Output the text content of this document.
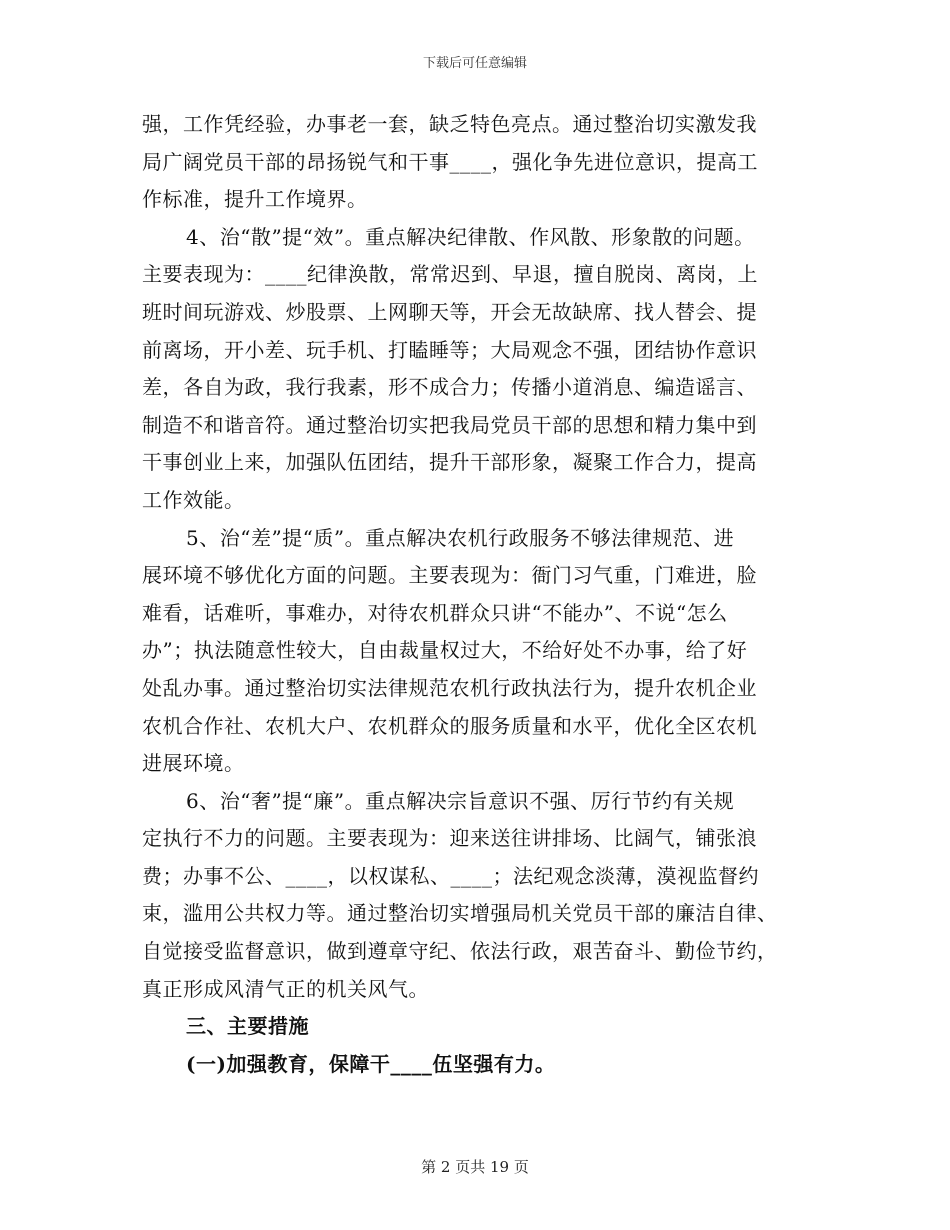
下载后可任意编辑
强，工作凭经验，办事老一套，缺乏特色亮点。通过整治切实激发我
局广阔党员干部的昂扬锐气和干事____，强化争先进位意识，提高工
作标准，提升工作境界。
4、治“散”提“效”。重点解决纪律散、作风散、形象散的问题。
主要表现为：____纪律涣散，常常迟到、早退，擅自脱岗、离岗，上
班时间玩游戏、炒股票、上网聊天等，开会无故缺席、找人替会、提
前离场，开小差、玩手机、打瞌睡等；大局观念不强，团结协作意识
差，各自为政，我行我素，形不成合力；传播小道消息、编造谣言、
制造不和谐音符。通过整治切实把我局党员干部的思想和精力集中到
干事创业上来，加强队伍团结，提升干部形象，凝聚工作合力，提高
工作效能。
5、治“差”提“质”。重点解决农机行政服务不够法律规范、进
展环境不够优化方面的问题。主要表现为：衙门习气重，门难进，脸
难看，话难听，事难办，对待农机群众只讲“不能办”、不说“怎么
办”；执法随意性较大，自由裁量权过大，不给好处不办事，给了好
处乱办事。通过整治切实法律规范农机行政执法行为，提升农机企业
农机合作社、农机大户、农机群众的服务质量和水平，优化全区农机
进展环境。
6、治“奢”提“廉”。重点解决宗旨意识不强、厉行节约有关规
定执行不力的问题。主要表现为：迎来送往讲排场、比阔气，铺张浪
费；办事不公、____，以权谋私、____；法纪观念淡薄，漠视监督约
束，滥用公共权力等。通过整治切实增强局机关党员干部的廉洁自律、
自觉接受监督意识，做到遵章守纪、依法行政，艰苦奋斗、勤俭节约，
真正形成风清气正的机关风气。
三、主要措施
(一)加强教育，保障干____伍坚强有力。
第 2 页共 19 页
